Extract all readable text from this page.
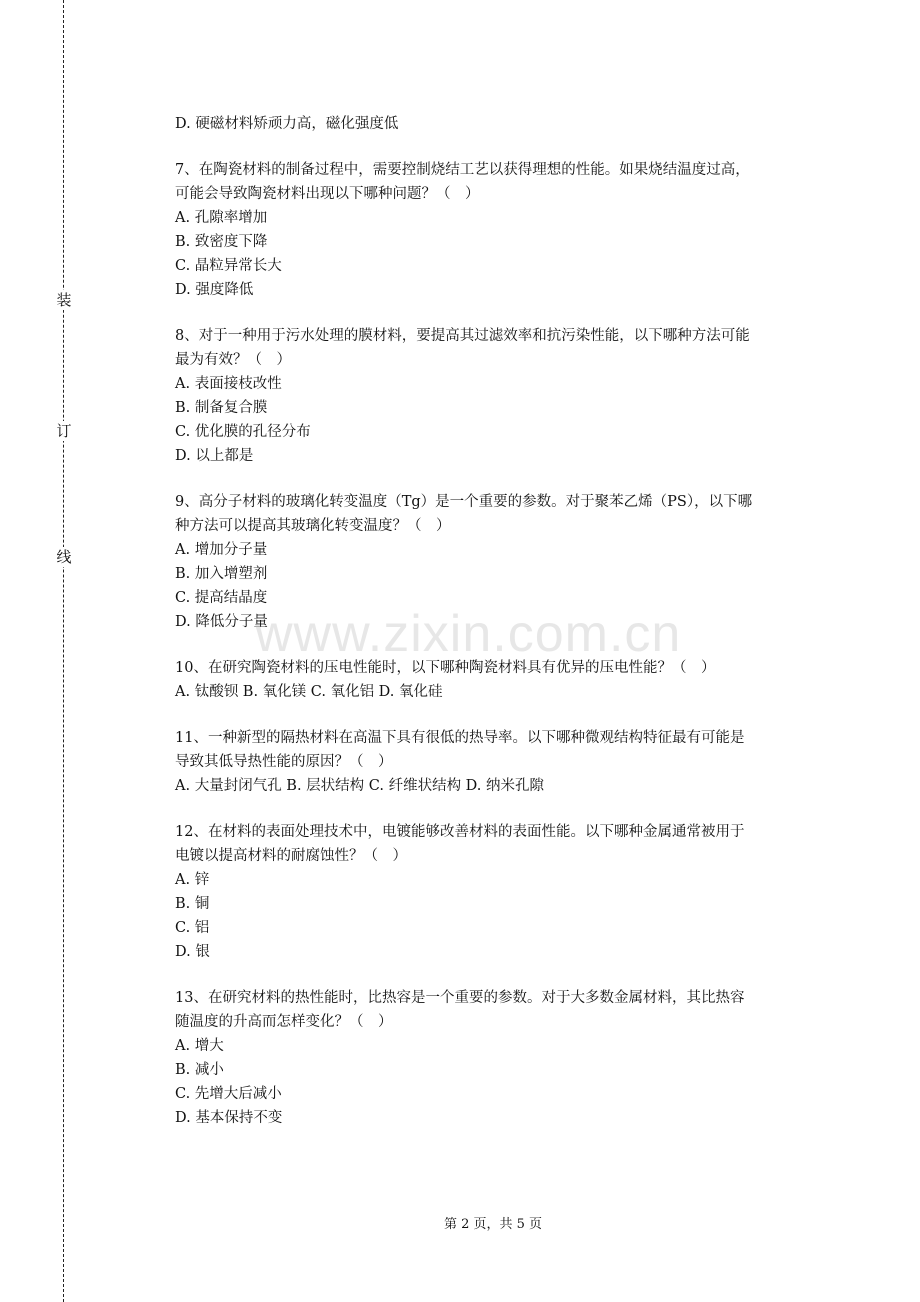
装
订
线
D. 硬磁材料矫顽力高，磁化强度低
7、在陶瓷材料的制备过程中，需要控制烧结工艺以获得理想的性能。如果烧结温度过高，
可能会导致陶瓷材料出现以下哪种问题？（　）
A. 孔隙率增加
B. 致密度下降
C. 晶粒异常长大
D. 强度降低
8、对于一种用于污水处理的膜材料，要提高其过滤效率和抗污染性能，以下哪种方法可能
最为有效？（　）
A. 表面接枝改性
B. 制备复合膜
C. 优化膜的孔径分布
D. 以上都是
9、高分子材料的玻璃化转变温度（Tg）是一个重要的参数。对于聚苯乙烯（PS），以下哪
种方法可以提高其玻璃化转变温度？（　）
A. 增加分子量
B. 加入增塑剂
C. 提高结晶度
D. 降低分子量
10、在研究陶瓷材料的压电性能时，以下哪种陶瓷材料具有优异的压电性能？（　）
A. 钛酸钡 B. 氧化镁 C. 氧化铝 D. 氧化硅
11、一种新型的隔热材料在高温下具有很低的热导率。以下哪种微观结构特征最有可能是
导致其低导热性能的原因？（　）
A. 大量封闭气孔 B. 层状结构 C. 纤维状结构 D. 纳米孔隙
12、在材料的表面处理技术中，电镀能够改善材料的表面性能。以下哪种金属通常被用于
电镀以提高材料的耐腐蚀性？（　）
A. 锌
B. 铜
C. 铝
D. 银
13、在研究材料的热性能时，比热容是一个重要的参数。对于大多数金属材料，其比热容
随温度的升高而怎样变化？（　）
A. 增大
B. 减小
C. 先增大后减小
D. 基本保持不变
www.zixin.com.cn
第 2 页，共 5 页
